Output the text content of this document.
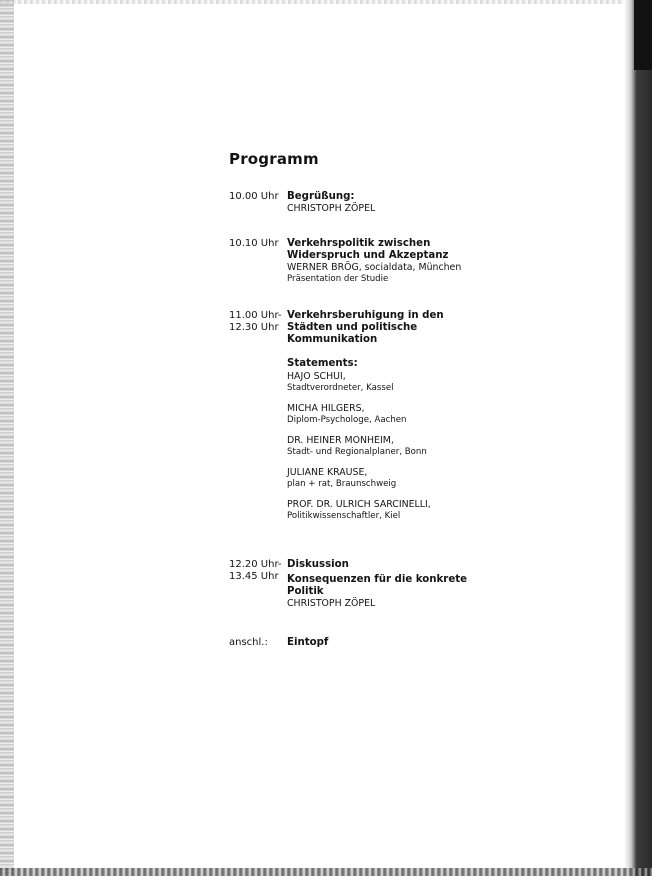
Programm
10.00 Uhr Begrüßung:
CHRISTOPH ZÖPEL
10.10 Uhr Verkehrspolitik zwischen
Widerspruch und Akzeptanz
WERNER BRÖG, socialdata, München
Präsentation der Studie
11.00 Uhr-
12.30 Uhr
Verkehrsberuhigung in den
Städten und politische
Kommunikation
Statements:
HAJO SCHUI,
Stadtverordneter, Kassel
MICHA HILGERS,
Diplom-Psychologe, Aachen
DR. HEINER MONHEIM,
Stadt- und Regionalplaner, Bonn
JULIANE KRAUSE,
plan + rat, Braunschweig
PROF. DR. ULRICH SARCINELLI,
Politikwissenschaftler, Kiel
12.20 Uhr-
13.45 Uhr
Diskussion
Konsequenzen für die konkrete
Politik
CHRISTOPH ZÖPEL
anschl.:	Eintopf
